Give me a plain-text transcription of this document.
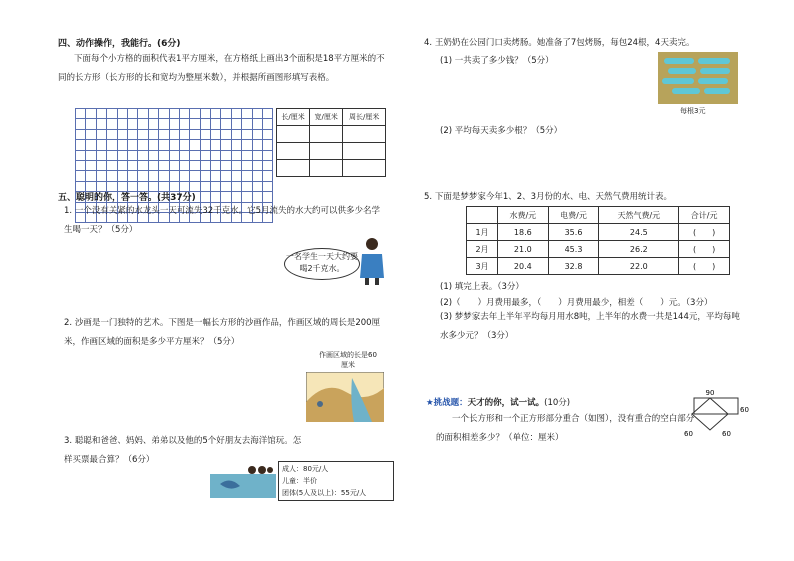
四、动作操作，我能行。(6分)
下面每个小方格的面积代表1平方厘米，在方格纸上画出3个面积是18平方厘米的不同的长方形（长方形的长和宽均为整厘米数），并根据所画图形填写表格。

长/厘米	宽/厘米	周长/厘米

五、聪明的你，答一答。(共37分)
1. 一个没有关紧的水龙头一天可流失32千克水。它5月流失的水大约可以供多少名学生喝一天？（5分）
一名学生一天大约要喝2千克水。
2. 沙画是一门独特的艺术。下图是一幅长方形的沙画作品，作画区域的周长是200厘米，作画区域的面积是多少平方厘米？（5分）
作画区域的长是60厘米
3. 聪聪和爸爸、妈妈、弟弟以及他的5个好朋友去海洋馆玩。怎样买票最合算？（6分）
成人：80元/人
儿童：半价
团体(5人及以上)：55元/人
4. 王奶奶在公园门口卖烤肠。她准备了7包烤肠，每包24根，4天卖完。
(1) 一共卖了多少钱？（5分）
每根3元
(2) 平均每天卖多少根？（5分）
5. 下面是梦梦家今年1、2、3月份的水、电、天然气费用统计表。
	水费/元	电费/元	天然气费/元	合计/元
1月	18.6	35.6	24.5	(　　)
2月	21.0	45.3	26.2	(　　)
3月	20.4	32.8	22.0	(　　)
(1) 填完上表。（3分）
(2)（　　）月费用最多，（　　）月费用最少，相差（　　）元。（3分）
(3) 梦梦家去年上半年平均每月用水8吨，上半年的水费一共是144元，平均每吨水多少元？（3分）
★挑战题：天才的你，试一试。(10分)
一个长方形和一个正方形部分重合（如图），没有重合的空白部分的面积相差多少？（单位：厘米）
90
60
60	60
